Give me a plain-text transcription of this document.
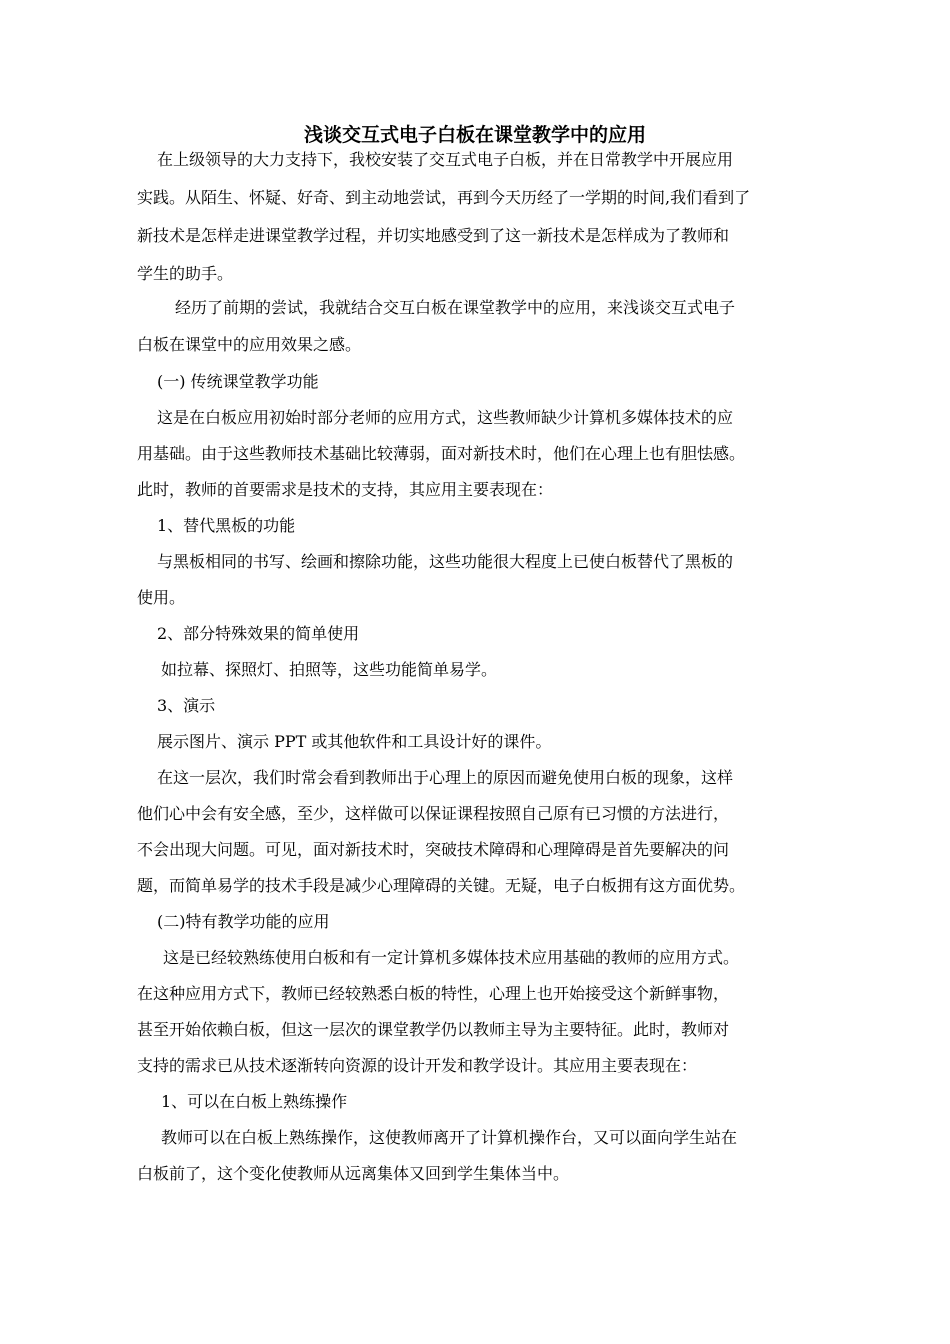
浅谈交互式电子白板在课堂教学中的应用
在上级领导的大力支持下，我校安装了交互式电子白板，并在日常教学中开展应用
实践。从陌生、怀疑、好奇、到主动地尝试，再到今天历经了一学期的时间,我们看到了
新技术是怎样走进课堂教学过程，并切实地感受到了这一新技术是怎样成为了教师和
学生的助手。
经历了前期的尝试，我就结合交互白板在课堂教学中的应用，来浅谈交互式电子
白板在课堂中的应用效果之感。
(一) 传统课堂教学功能
这是在白板应用初始时部分老师的应用方式，这些教师缺少计算机多媒体技术的应
用基础。由于这些教师技术基础比较薄弱，面对新技术时，他们在心理上也有胆怯感。
此时，教师的首要需求是技术的支持，其应用主要表现在：
1、替代黑板的功能
与黑板相同的书写、绘画和擦除功能，这些功能很大程度上已使白板替代了黑板的
使用。
2、部分特殊效果的简单使用
如拉幕、探照灯、拍照等，这些功能简单易学。
3、演示
展示图片、演示 PPT 或其他软件和工具设计好的课件。
在这一层次，我们时常会看到教师出于心理上的原因而避免使用白板的现象，这样
他们心中会有安全感，至少，这样做可以保证课程按照自己原有已习惯的方法进行，
不会出现大问题。可见，面对新技术时，突破技术障碍和心理障碍是首先要解决的问
题，而简单易学的技术手段是减少心理障碍的关键。无疑，电子白板拥有这方面优势。
(二)特有教学功能的应用
这是已经较熟练使用白板和有一定计算机多媒体技术应用基础的教师的应用方式。
在这种应用方式下，教师已经较熟悉白板的特性，心理上也开始接受这个新鲜事物，
甚至开始依赖白板，但这一层次的课堂教学仍以教师主导为主要特征。此时，教师对
支持的需求已从技术逐渐转向资源的设计开发和教学设计。其应用主要表现在：
1、可以在白板上熟练操作
教师可以在白板上熟练操作，这使教师离开了计算机操作台，又可以面向学生站在
白板前了，这个变化使教师从远离集体又回到学生集体当中。
